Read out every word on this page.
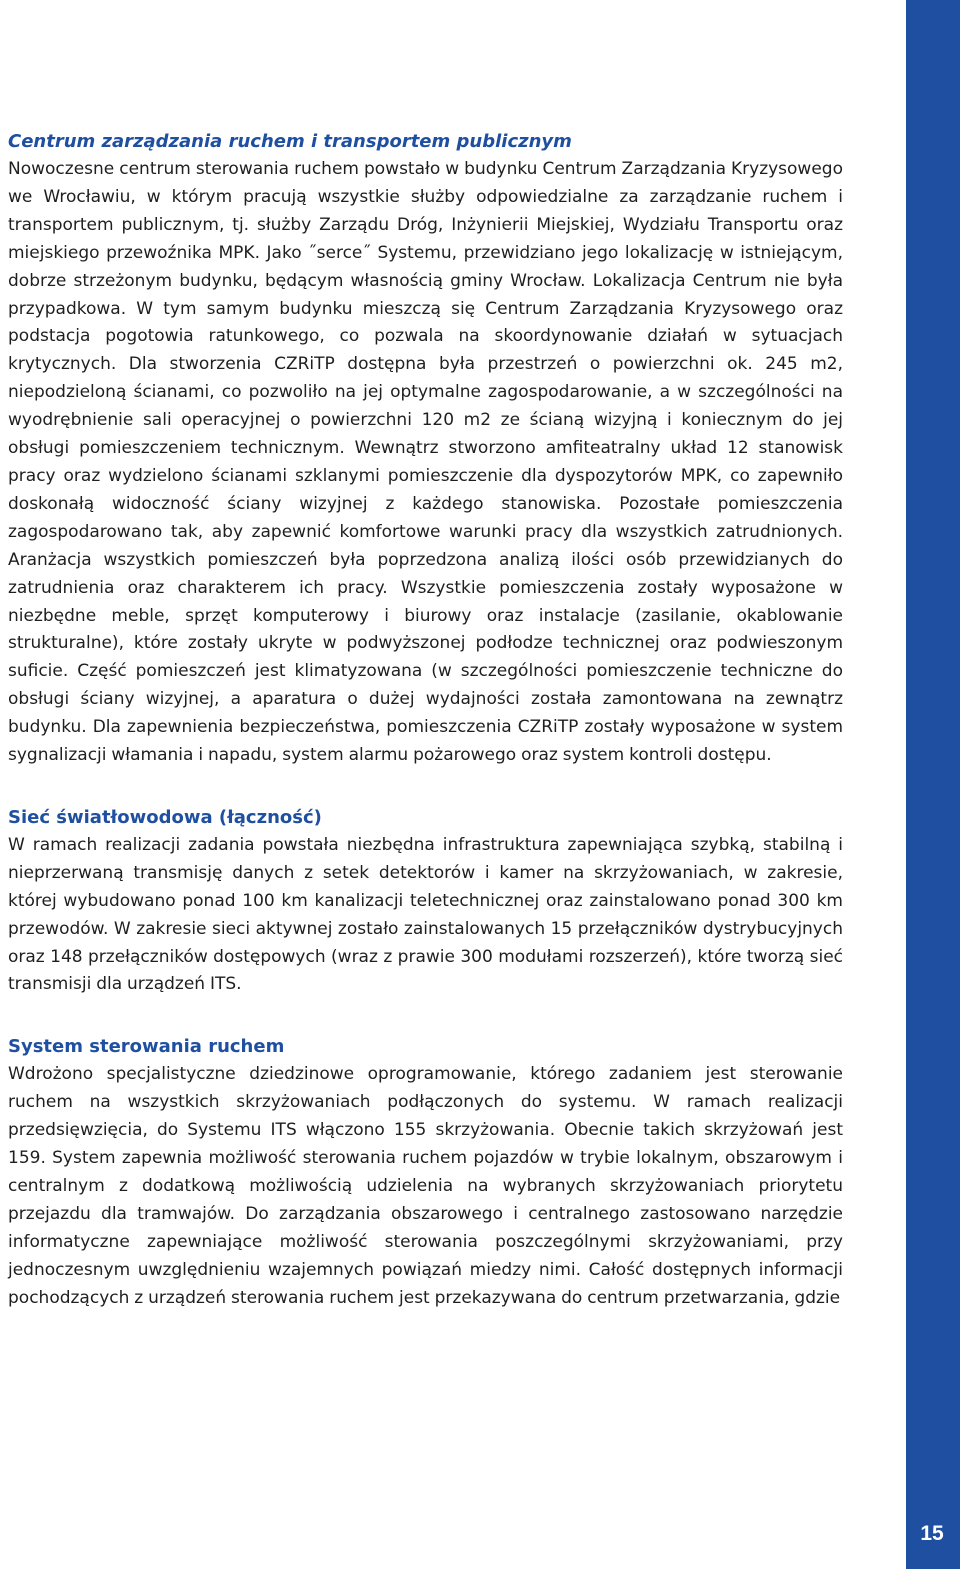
Centrum zarządzania ruchem i transportem publicznym

Nowoczesne centrum sterowania ruchem powstało w budynku Centrum Zarządzania Kryzysowego we Wrocławiu, w którym pracują wszystkie służby odpowiedzialne za zarządzanie ruchem i transportem publicznym, tj. służby Zarządu Dróg, Inżynierii Miejskiej, Wydziału Transportu oraz miejskiego przewoźnika MPK. Jako ˝serce˝ Systemu, przewidziano jego lokalizację w istniejącym, dobrze strzeżonym budynku, będącym własnością gminy Wrocław. Lokalizacja Centrum nie była przypadkowa. W tym samym budynku mieszczą się Centrum Zarządzania Kryzysowego oraz podstacja pogotowia ratunkowego, co pozwala na skoordynowanie działań w sytuacjach krytycznych. Dla stworzenia CZRiTP dostępna była przestrzeń o powierzchni ok. 245 m2, niepodzieloną ścianami, co pozwoliło na jej optymalne zagospodarowanie, a w szczególności na wyodrębnienie sali operacyjnej o powierzchni 120 m2 ze ścianą wizyjną i koniecznym do jej obsługi pomieszczeniem technicznym. Wewnątrz stworzono amfiteatralny układ 12 stanowisk pracy oraz wydzielono ścianami szklanymi pomieszczenie dla dyspozytorów MPK, co zapewniło doskonałą widoczność ściany wizyjnej z każdego stanowiska. Pozostałe pomieszczenia zagospodarowano tak, aby zapewnić komfortowe warunki pracy dla wszystkich zatrudnionych. Aranżacja wszystkich pomieszczeń była poprzedzona analizą ilości osób przewidzianych do zatrudnienia oraz charakterem ich pracy. Wszystkie pomieszczenia zostały wyposażone w niezbędne meble, sprzęt komputerowy i biurowy oraz instalacje (zasilanie, okablowanie strukturalne), które zostały ukryte w podwyższonej podłodze technicznej oraz podwieszonym suficie. Część pomieszczeń jest klimatyzowana (w szczególności pomieszczenie techniczne do obsługi ściany wizyjnej, a aparatura o dużej wydajności została zamontowana na zewnątrz budynku. Dla zapewnienia bezpieczeństwa, pomieszczenia CZRiTP zostały wyposażone w system sygnalizacji włamania i napadu, system alarmu pożarowego oraz system kontroli dostępu.

Sieć światłowodowa (łączność)

W ramach realizacji zadania powstała niezbędna infrastruktura zapewniająca szybką, stabilną i nieprzerwaną transmisję danych z setek detektorów i kamer na skrzyżowaniach, w zakresie, której wybudowano ponad 100 km kanalizacji teletechnicznej oraz zainstalowano ponad 300 km przewodów. W zakresie sieci aktywnej zostało zainstalowanych 15 przełączników dystrybucyjnych oraz 148 przełączników dostępowych (wraz z prawie 300 modułami rozszerzeń), które tworzą sieć transmisji dla urządzeń ITS.

System sterowania ruchem

Wdrożono specjalistyczne dziedzinowe oprogramowanie, którego zadaniem jest sterowanie ruchem na wszystkich skrzyżowaniach podłączonych do systemu. W ramach realizacji przedsięwzięcia, do Systemu ITS włączono 155 skrzyżowania. Obecnie takich skrzyżowań jest 159. System zapewnia możliwość sterowania ruchem pojazdów w trybie lokalnym, obszarowym i centralnym z dodatkową możliwością udzielenia na wybranych skrzyżowaniach priorytetu przejazdu dla tramwajów. Do zarządzania obszarowego i centralnego zastosowano narzędzie informatyczne zapewniające możliwość sterowania poszczególnymi skrzyżowaniami, przy jednoczesnym uwzględnieniu wzajemnych powiązań miedzy nimi. Całość dostępnych informacji pochodzących z urządzeń sterowania ruchem jest przekazywana do centrum przetwarzania, gdzie

15
